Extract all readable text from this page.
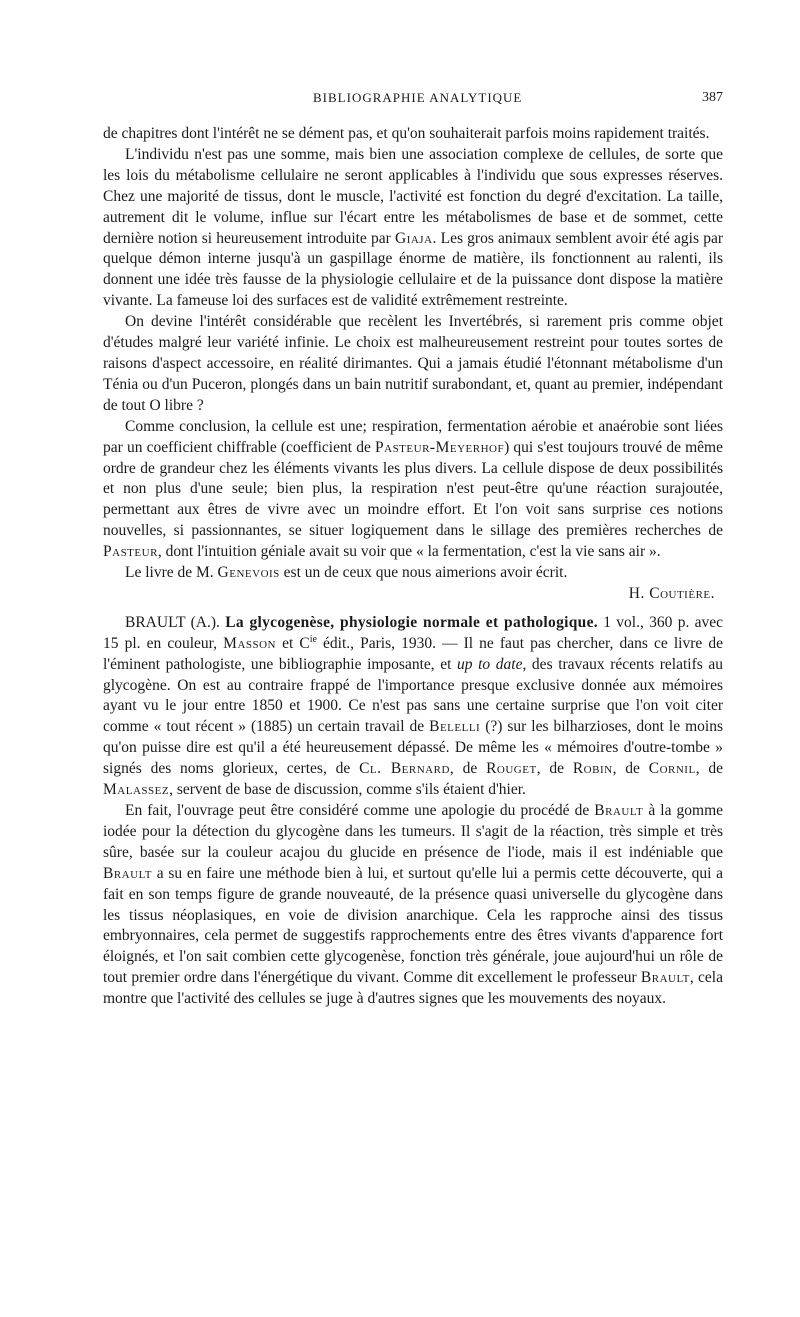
BIBLIOGRAPHIE ANALYTIQUE	387

de chapitres dont l'intérêt ne se dément pas, et qu'on souhaiterait parfois moins rapidement traités.

L'individu n'est pas une somme, mais bien une association complexe de cellules, de sorte que les lois du métabolisme cellulaire ne seront applicables à l'individu que sous expresses réserves. Chez une majorité de tissus, dont le muscle, l'activité est fonction du degré d'excitation. La taille, autrement dit le volume, influe sur l'écart entre les métabolismes de base et de sommet, cette dernière notion si heureusement introduite par Giaja. Les gros animaux semblent avoir été agis par quelque démon interne jusqu'à un gaspillage énorme de matière, ils fonctionnent au ralenti, ils donnent une idée très fausse de la physiologie cellulaire et de la puissance dont dispose la matière vivante. La fameuse loi des surfaces est de validité extrêmement restreinte.

On devine l'intérêt considérable que recèlent les Invertébrés, si rarement pris comme objet d'études malgré leur variété infinie. Le choix est malheureusement restreint pour toutes sortes de raisons d'aspect accessoire, en réalité dirimantes. Qui a jamais étudié l'étonnant métabolisme d'un Ténia ou d'un Puceron, plongés dans un bain nutritif surabondant, et, quant au premier, indépendant de tout O libre ?

Comme conclusion, la cellule est une; respiration, fermentation aérobie et anaérobie sont liées par un coefficient chiffrable (coefficient de Pasteur-Meyerhof) qui s'est toujours trouvé de même ordre de grandeur chez les éléments vivants les plus divers. La cellule dispose de deux possibilités et non plus d'une seule; bien plus, la respiration n'est peut-être qu'une réaction surajoutée, permettant aux êtres de vivre avec un moindre effort. Et l'on voit sans surprise ces notions nouvelles, si passionnantes, se situer logiquement dans le sillage des premières recherches de Pasteur, dont l'intuition géniale avait su voir que « la fermentation, c'est la vie sans air ».

Le livre de M. Genevois est un de ceux que nous aimerions avoir écrit.

H. Coutière.

BRAULT (A.). La glycogenèse, physiologie normale et pathologique. 1 vol., 360 p. avec 15 pl. en couleur, Masson et $C^{ie}$ édit., Paris, 1930. — Il ne faut pas chercher, dans ce livre de l'éminent pathologiste, une bibliographie imposante, et up to date, des travaux récents relatifs au glycogène. On est au contraire frappé de l'importance presque exclusive donnée aux mémoires ayant vu le jour entre 1850 et 1900. Ce n'est pas sans une certaine surprise que l'on voit citer comme « tout récent » (1885) un certain travail de Belelli (?) sur les bilharzioses, dont le moins qu'on puisse dire est qu'il a été heureusement dépassé. De même les « mémoires d'outre-tombe » signés des noms glorieux, certes, de Cl. Bernard, de Rouget, de Robin, de Cornil, de Malassez, servent de base de discussion, comme s'ils étaient d'hier.

En fait, l'ouvrage peut être considéré comme une apologie du procédé de Brault à la gomme iodée pour la détection du glycogène dans les tumeurs. Il s'agit de la réaction, très simple et très sûre, basée sur la couleur acajou du glucide en présence de l'iode, mais il est indéniable que Brault a su en faire une méthode bien à lui, et surtout qu'elle lui a permis cette découverte, qui a fait en son temps figure de grande nouveauté, de la présence quasi universelle du glycogène dans les tissus néoplasiques, en voie de division anarchique. Cela les rapproche ainsi des tissus embryonnaires, cela permet de suggestifs rapprochements entre des êtres vivants d'apparence fort éloignés, et l'on sait combien cette glycogenèse, fonction très générale, joue aujourd'hui un rôle de tout premier ordre dans l'énergétique du vivant. Comme dit excellement le professeur Brault, cela montre que l'activité des cellules se juge à d'autres signes que les mouvements des noyaux.
